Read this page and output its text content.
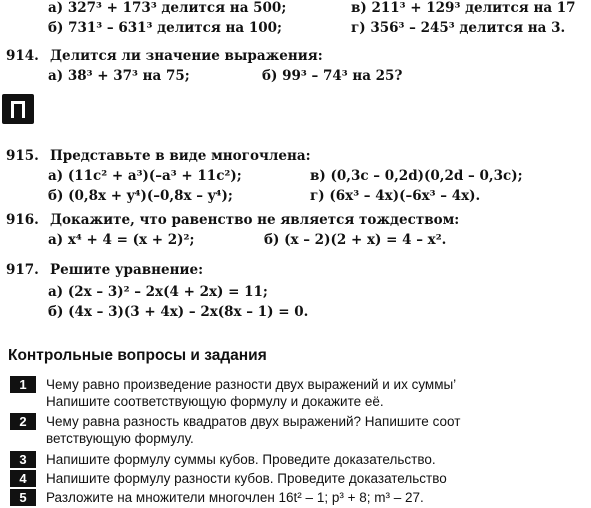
а) 327³ + 173³ делится на 500;	в) 211³ + 129³ делится на 17
б) 731³ – 631³ делится на 100;	г) 356³ – 245³ делится на 3.
914. Делится ли значение выражения:
а) 38³ + 37³ на 75;	б) 99³ – 74³ на 25?
915. Представьте в виде многочлена:
а) (11c² + a³)(–a³ + 11c²);	в) (0,3c – 0,2d)(0,2d – 0,3c);
б) (0,8x + y⁴)(–0,8x – y⁴);	г) (6x³ – 4x)(–6x³ – 4x).
916. Докажите, что равенство не является тождеством:
а) x⁴ + 4 = (x + 2)²;	б) (x – 2)(2 + x) = 4 – x².
917. Решите уравнение:
а) (2x – 3)² – 2x(4 + 2x) = 11;
б) (4x – 3)(3 + 4x) – 2x(8x – 1) = 0.
Контрольные вопросы и задания
1	Чему равно произведение разности двух выражений и их суммы’
Напишите соответствующую формулу и докажите её.
2	Чему равна разность квадратов двух выражений? Напишите соот
ветствующую формулу.
3	Напишите формулу суммы кубов. Проведите доказательство.
4	Напишите формулу разности кубов. Проведите доказательство
5	Разложите на множители многочлен 16t² – 1; p³ + 8; m³ – 27.
